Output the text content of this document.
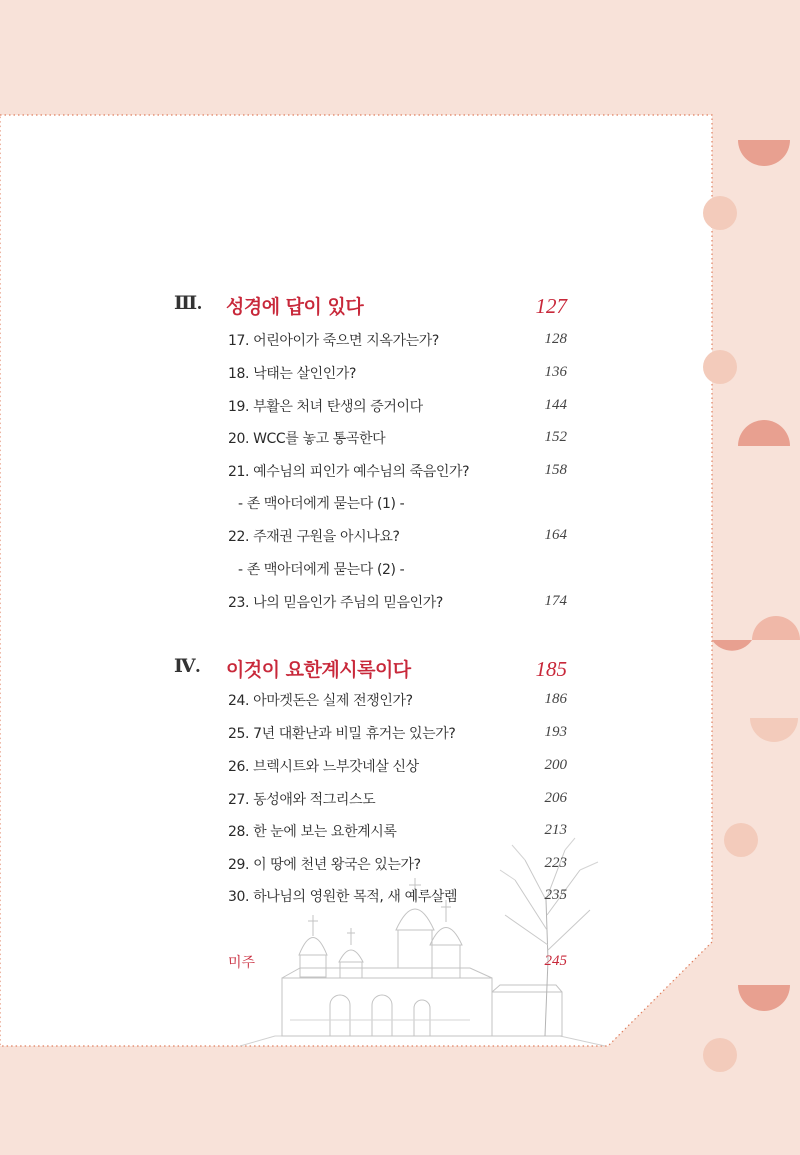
Ⅲ. 성경에 답이 있다	127
17. 어린아이가 죽으면 지옥가는가?	128
18. 낙태는 살인인가?	136
19. 부활은 처녀 탄생의 증거이다	144
20. WCC를 놓고 통곡한다	152
21. 예수님의 피인가 예수님의 죽음인가?	158
- 존 맥아더에게 묻는다 (1) -
22. 주재권 구원을 아시나요?	164
- 존 맥아더에게 묻는다 (2) -
23. 나의 믿음인가 주님의 믿음인가?	174
Ⅳ. 이것이 요한계시록이다	185
24. 아마겟돈은 실제 전쟁인가?	186
25. 7년 대환난과 비밀 휴거는 있는가?	193
26. 브렉시트와 느부갓네살 신상	200
27. 동성애와 적그리스도	206
28. 한 눈에 보는 요한계시록	213
29. 이 땅에 천년 왕국은 있는가?	223
30. 하나님의 영원한 목적, 새 예루살렘	235
미주	245
